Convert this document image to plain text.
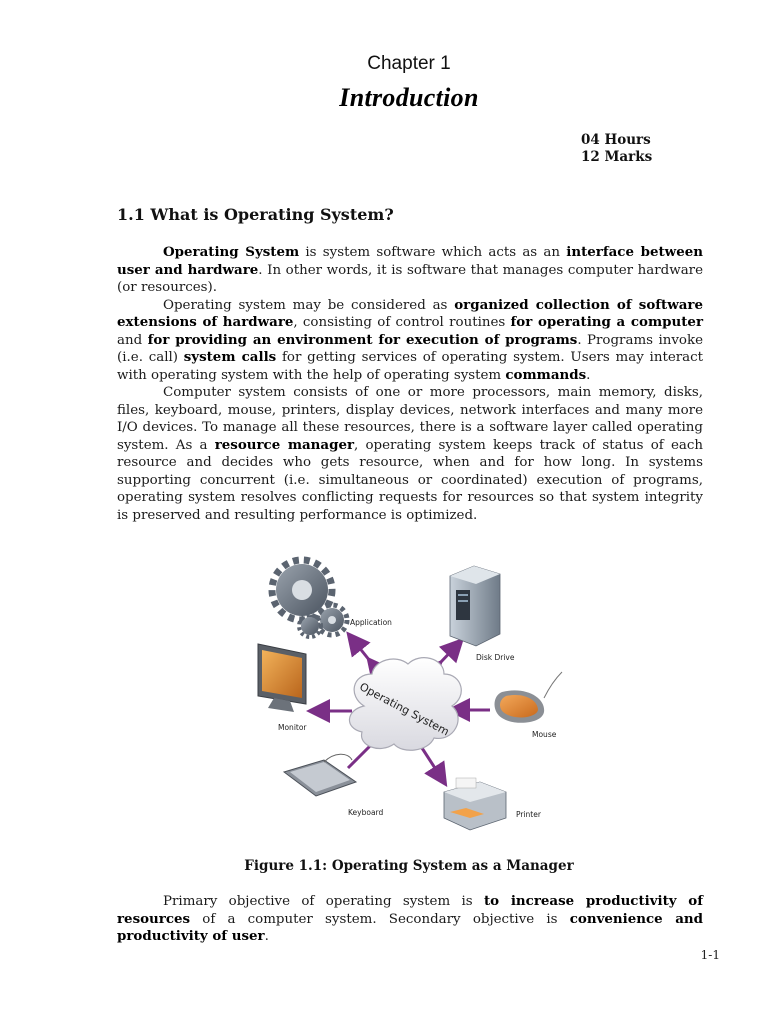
Chapter 1
Introduction
04 Hours
12 Marks
1.1 What is Operating System?

Operating System is system software which acts as an interface between user and hardware. In other words, it is software that manages computer hardware (or resources).

Operating system may be considered as organized collection of software extensions of hardware, consisting of control routines for operating a computer and for providing an environment for execution of programs. Programs invoke (i.e. call) system calls for getting services of operating system. Users may interact with operating system with the help of operating system commands.

Computer system consists of one or more processors, main memory, disks, files, keyboard, mouse, printers, display devices, network interfaces and many more I/O devices. To manage all these resources, there is a software layer called operating system. As a resource manager, operating system keeps track of status of each resource and decides who gets resource, when and for how long. In systems supporting concurrent (i.e. simultaneous or coordinated) execution of programs, operating system resolves conflicting requests for resources so that system integrity is preserved and resulting performance is optimized.

Operating System
Application
Disk Drive
Monitor
Mouse
Keyboard	Printer
Figure 1.1: Operating System as a Manager

Primary objective of operating system is to increase productivity of resources of a computer system. Secondary objective is convenience and productivity of user.

1-1
